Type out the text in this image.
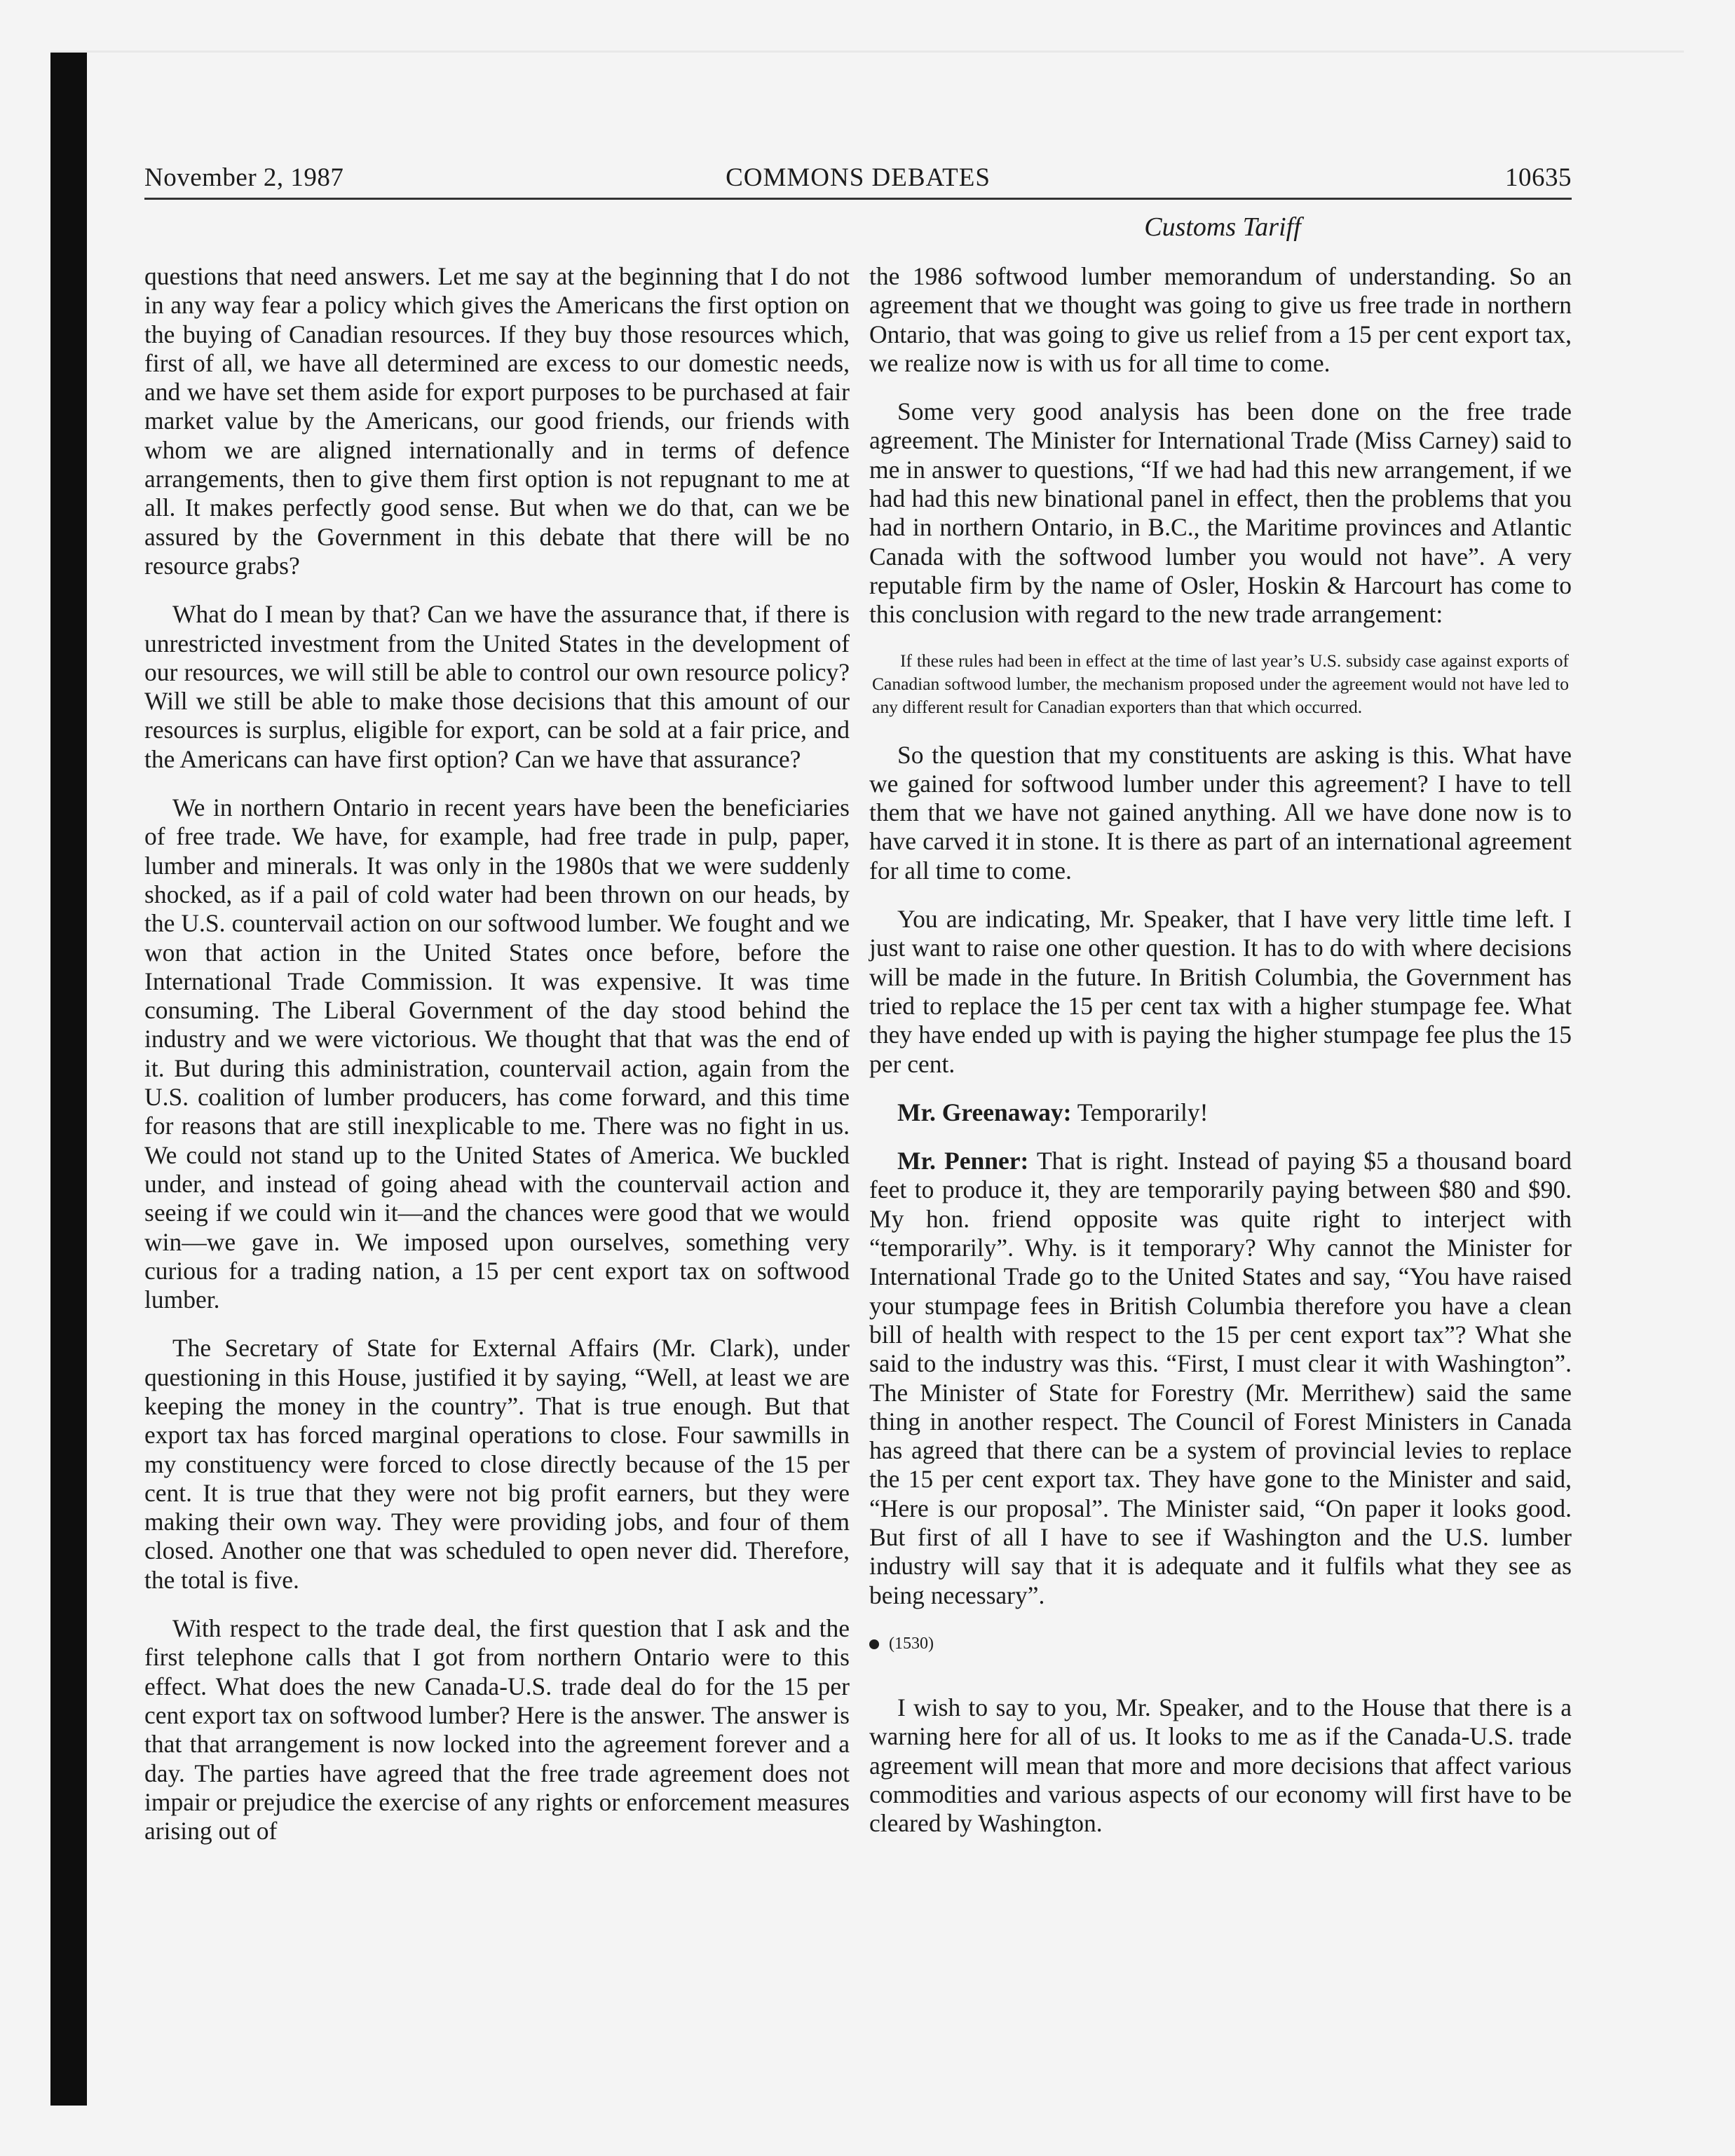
November 2, 1987	COMMONS DEBATES	10635
Customs Tariff

questions that need answers. Let me say at the beginning that I do not in any way fear a policy which gives the Americans the first option on the buying of Canadian resources. If they buy those resources which, first of all, we have all determined are excess to our domestic needs, and we have set them aside for export purposes to be purchased at fair market value by the Americans, our good friends, our friends with whom we are aligned internationally and in terms of defence arrangements, then to give them first option is not repugnant to me at all. It makes perfectly good sense. But when we do that, can we be assured by the Government in this debate that there will be no resource grabs?

What do I mean by that? Can we have the assurance that, if there is unrestricted investment from the United States in the development of our resources, we will still be able to control our own resource policy? Will we still be able to make those decisions that this amount of our resources is surplus, eligible for export, can be sold at a fair price, and the Americans can have first option? Can we have that assurance?

We in northern Ontario in recent years have been the beneficiaries of free trade. We have, for example, had free trade in pulp, paper, lumber and minerals. It was only in the 1980s that we were suddenly shocked, as if a pail of cold water had been thrown on our heads, by the U.S. countervail action on our softwood lumber. We fought and we won that action in the United States once before, before the International Trade Commission. It was expensive. It was time consuming. The Liberal Government of the day stood behind the industry and we were victorious. We thought that that was the end of it. But during this administration, countervail action, again from the U.S. coalition of lumber producers, has come forward, and this time for reasons that are still inexplicable to me. There was no fight in us. We could not stand up to the United States of America. We buckled under, and instead of going ahead with the countervail action and seeing if we could win it—and the chances were good that we would win—we gave in. We imposed upon ourselves, something very curious for a trading nation, a 15 per cent export tax on softwood lumber.

The Secretary of State for External Affairs (Mr. Clark), under questioning in this House, justified it by saying, “Well, at least we are keeping the money in the country”. That is true enough. But that export tax has forced marginal operations to close. Four sawmills in my constituency were forced to close directly because of the 15 per cent. It is true that they were not big profit earners, but they were making their own way. They were providing jobs, and four of them closed. Another one that was scheduled to open never did. Therefore, the total is five.

With respect to the trade deal, the first question that I ask and the first telephone calls that I got from northern Ontario were to this effect. What does the new Canada-U.S. trade deal do for the 15 per cent export tax on softwood lumber? Here is the answer. The answer is that that arrangement is now locked into the agreement forever and a day. The parties have agreed that the free trade agreement does not impair or prejudice the exercise of any rights or enforcement measures arising out of

the 1986 softwood lumber memorandum of understanding. So an agreement that we thought was going to give us free trade in northern Ontario, that was going to give us relief from a 15 per cent export tax, we realize now is with us for all time to come.

Some very good analysis has been done on the free trade agreement. The Minister for International Trade (Miss Carney) said to me in answer to questions, “If we had had this new arrangement, if we had had this new binational panel in effect, then the problems that you had in northern Ontario, in B.C., the Maritime provinces and Atlantic Canada with the softwood lumber you would not have”. A very reputable firm by the name of Osler, Hoskin & Harcourt has come to this conclusion with regard to the new trade arrangement:

If these rules had been in effect at the time of last year’s U.S. subsidy case against exports of Canadian softwood lumber, the mechanism proposed under the agreement would not have led to any different result for Canadian exporters than that which occurred.

So the question that my constituents are asking is this. What have we gained for softwood lumber under this agreement? I have to tell them that we have not gained anything. All we have done now is to have carved it in stone. It is there as part of an international agreement for all time to come.

You are indicating, Mr. Speaker, that I have very little time left. I just want to raise one other question. It has to do with where decisions will be made in the future. In British Columbia, the Government has tried to replace the 15 per cent tax with a higher stumpage fee. What they have ended up with is paying the higher stumpage fee plus the 15 per cent.

Mr. Greenaway: Temporarily!

Mr. Penner: That is right. Instead of paying $5 a thousand board feet to produce it, they are temporarily paying between $80 and $90. My hon. friend opposite was quite right to interject with “temporarily”. Why. is it temporary? Why cannot the Minister for International Trade go to the United States and say, “You have raised your stumpage fees in British Columbia therefore you have a clean bill of health with respect to the 15 per cent export tax”? What she said to the industry was this. “First, I must clear it with Washington”. The Minister of State for Forestry (Mr. Merrithew) said the same thing in another respect. The Council of Forest Ministers in Canada has agreed that there can be a system of provincial levies to replace the 15 per cent export tax. They have gone to the Minister and said, “Here is our proposal”. The Minister said, “On paper it looks good. But first of all I have to see if Washington and the U.S. lumber industry will say that it is adequate and it fulfils what they see as being necessary”.

(1530)

I wish to say to you, Mr. Speaker, and to the House that there is a warning here for all of us. It looks to me as if the Canada-U.S. trade agreement will mean that more and more decisions that affect various commodities and various aspects of our economy will first have to be cleared by Washington.
